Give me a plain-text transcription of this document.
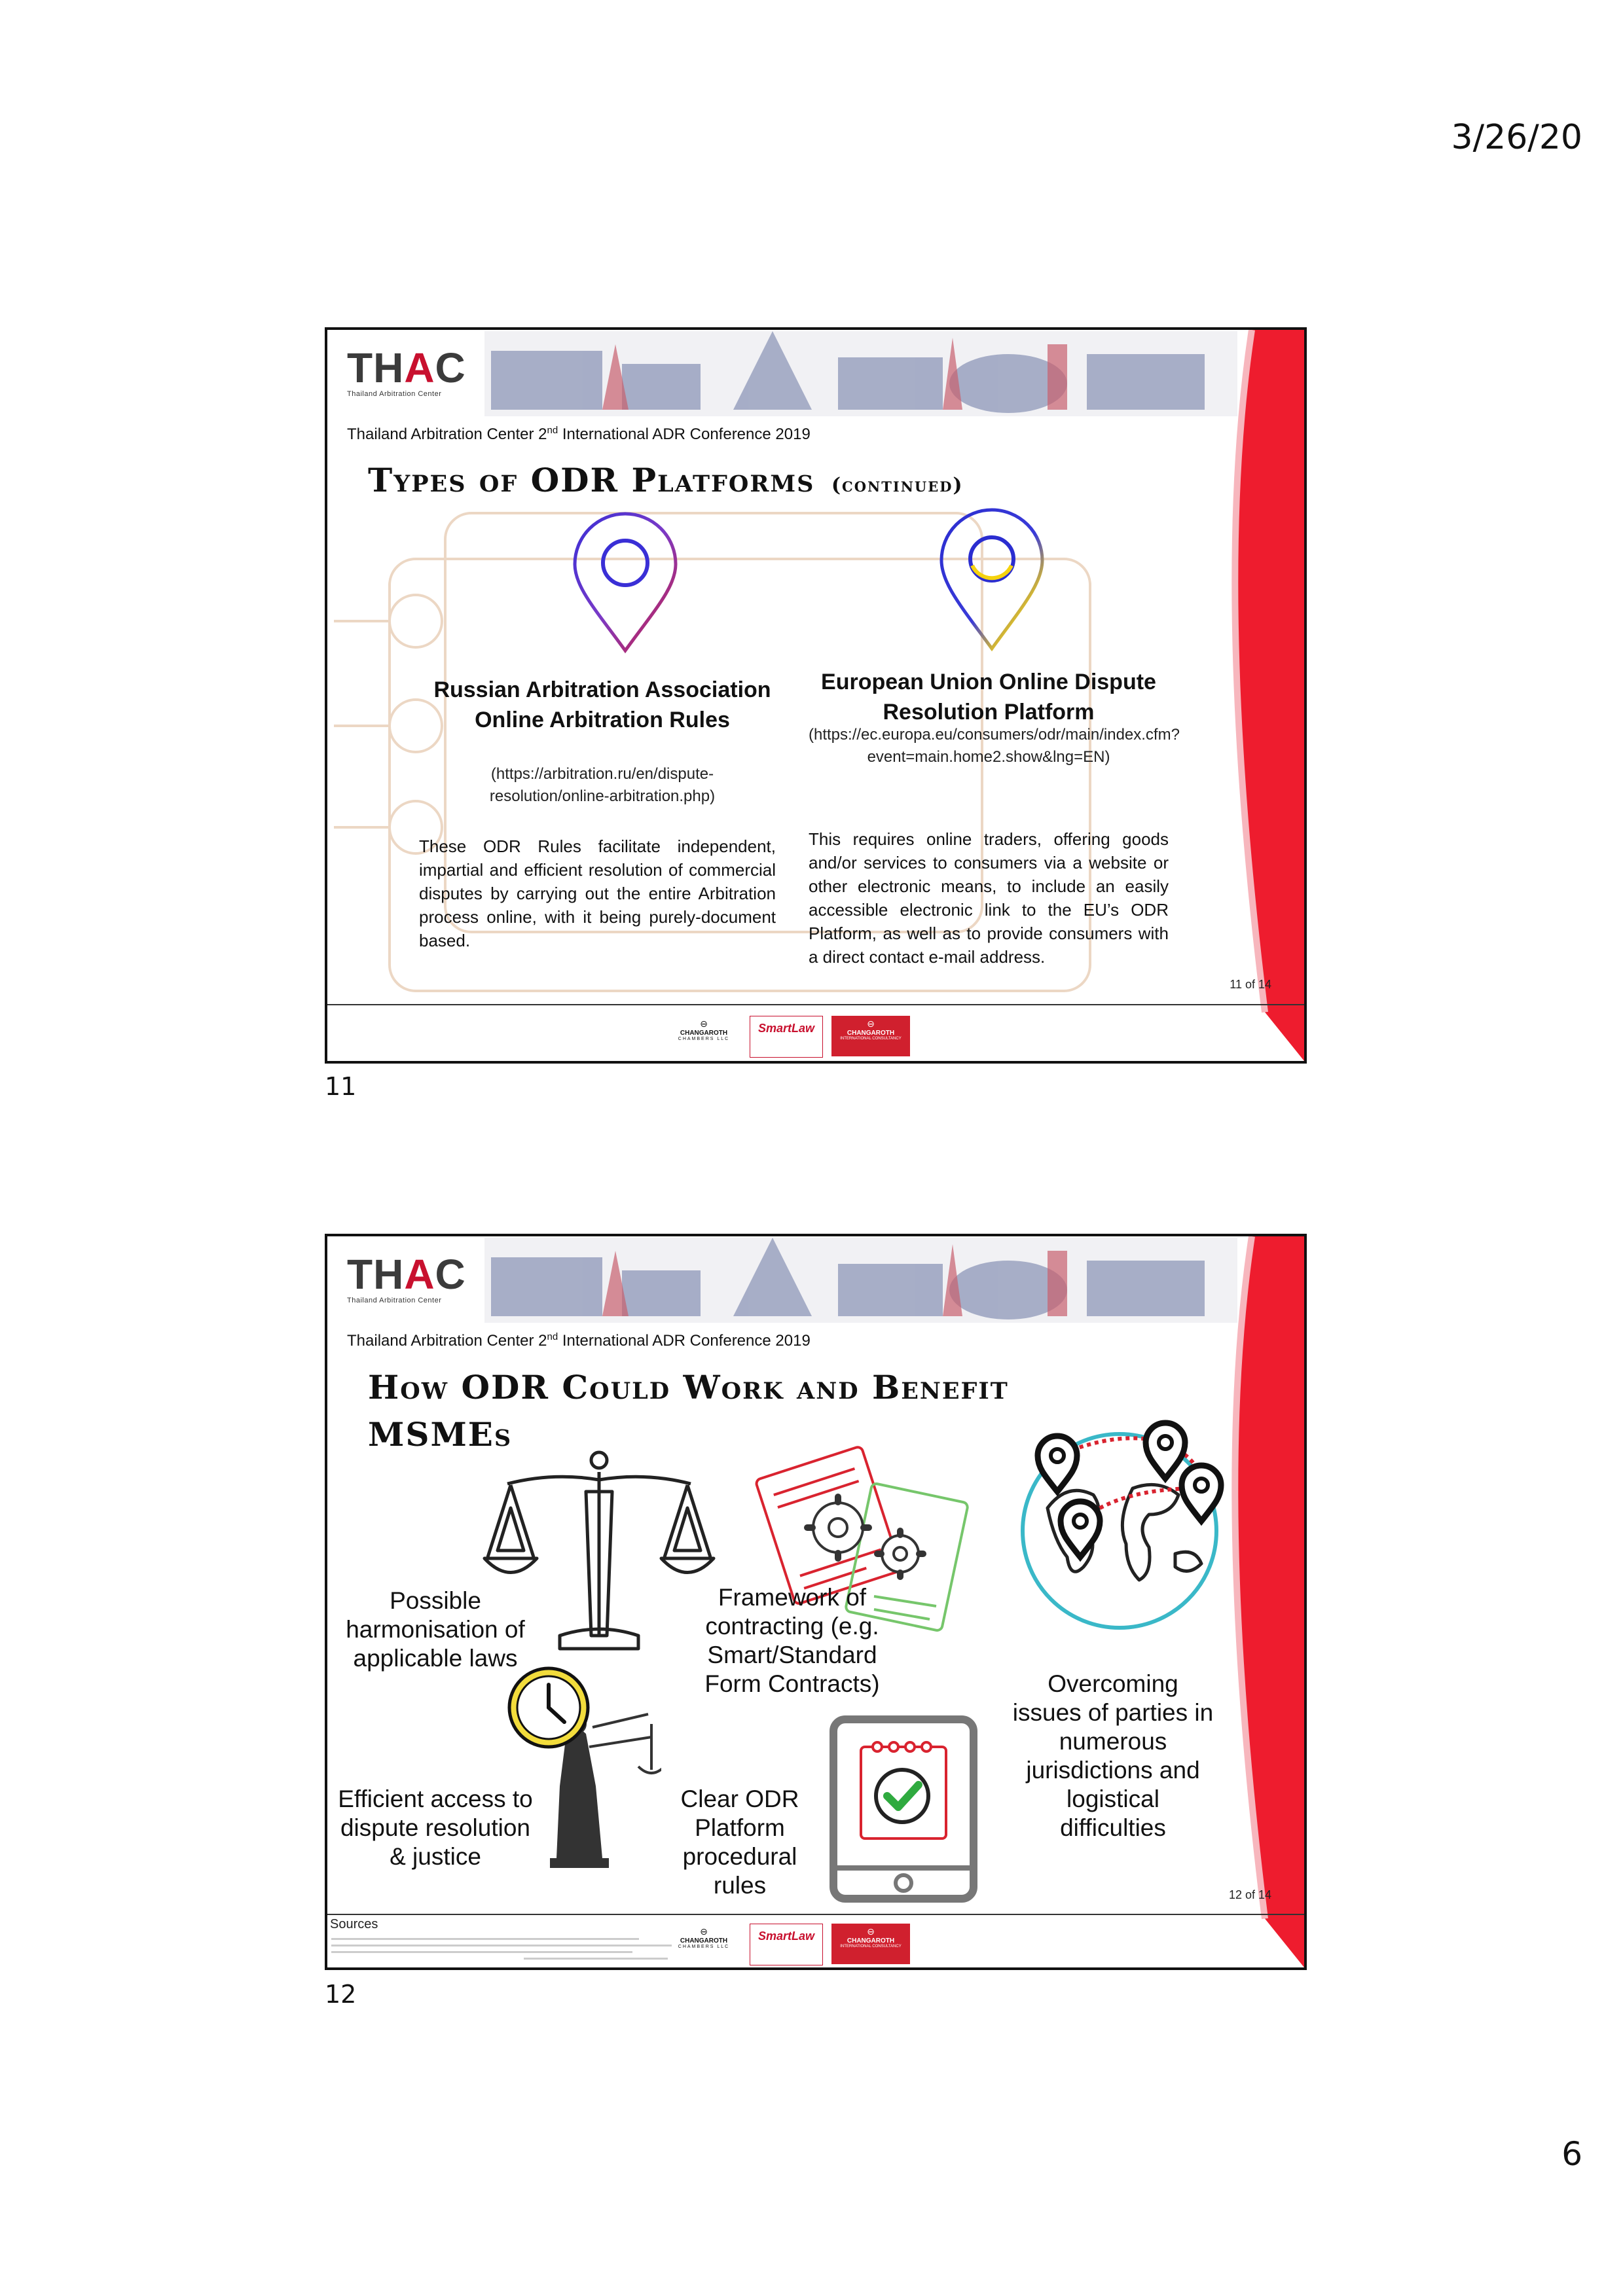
3/26/20
6
THAC
Thailand Arbitration Center
Thailand Arbitration Center 2nd International ADR Conference 2019
Types of ODR Platforms (continued)
Russian Arbitration Association Online Arbitration Rules
(https://arbitration.ru/en/dispute-resolution/online-arbitration.php)
These ODR Rules facilitate independent, impartial and efficient resolution of commercial disputes by carrying out the entire Arbitration process online, with it being purely-document based.
European Union Online Dispute Resolution Platform
(https://ec.europa.eu/consumers/odr/main/index.cfm?event=main.home2.show&lng=EN)
This requires online traders, offering goods and/or services to consumers via a website or other electronic means, to include an easily accessible electronic link to the EU’s ODR Platform, as well as to provide consumers with a direct contact e-mail address.
11 of 14
⊖
CHANGAROTH
CHAMBERS LLC
SmartLaw	⊖
CHANGAROTH
INTERNATIONAL CONSULTANCY
11
THAC
Thailand Arbitration Center
Thailand Arbitration Center 2nd International ADR Conference 2019
How ODR Could Work and Benefit
MSMEs
Possible harmonisation of applicable laws
Framework of contracting (e.g. Smart/Standard Form Contracts)	Overcoming issues of parties in numerous jurisdictions and logistical difficulties
Efficient access to dispute resolution & justice
Clear ODR Platform procedural rules	12 of 14
Sources	⊖
CHANGAROTH
CHAMBERS LLC
SmartLaw	⊖
CHANGAROTH
INTERNATIONAL CONSULTANCY
12
